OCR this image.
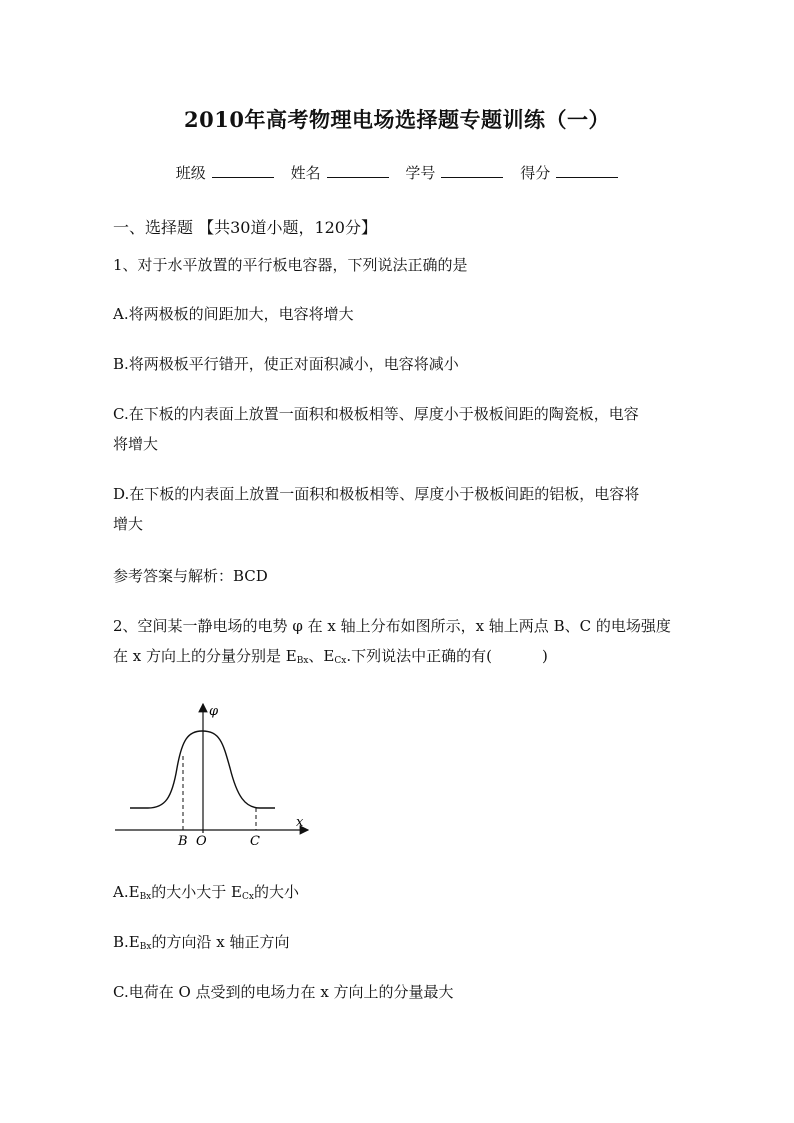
2010年高考物理电场选择题专题训练（一）
班级	姓名	学号	得分
一、选择题 【共30道小题，120分】
1、对于水平放置的平行板电容器，下列说法正确的是
A.将两极板的间距加大，电容将增大
B.将两极板平行错开，使正对面积减小，电容将减小
C.在下板的内表面上放置一面积和极板相等、厚度小于极板间距的陶瓷板，电容
将增大
D.在下板的内表面上放置一面积和极板相等、厚度小于极板间距的铝板，电容将
增大
参考答案与解析：BCD
2、空间某一静电场的电势 φ 在 x 轴上分布如图所示，x 轴上两点 B、C 的电场强度
在 x 方向上的分量分别是 $E_{Bx}$、$E_{Cx}$.下列说法中正确的有(	)
φ
x
B O	C
$A.E_{Bx}$的大小大于 $E_{Cx}$的大小
$B.E_{Bx}$的方向沿 x 轴正方向
C.电荷在 O 点受到的电场力在 x 方向上的分量最大
